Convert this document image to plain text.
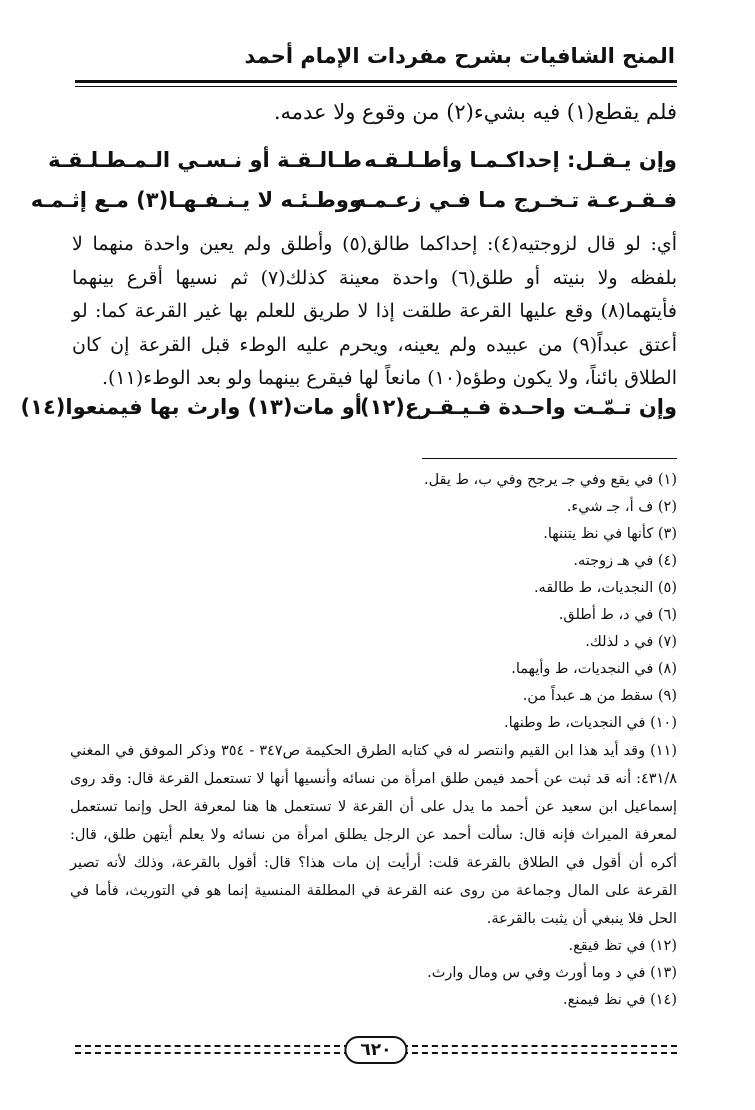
المنح الشافيات بشرح مفردات الإمام أحمد
فلم يقطع(١) فيه بشيء(٢) من وقوع ولا عدمه.
وإن يـقـل: إحداكـمـا وأطـلـقـه
طـالـقـة أو نـسـي الـمـطـلـقـة
فـقـرعـة تـخـرج مـا فـي زعـمـه
ووطـئـه لا يـنـفـهـا(٣) مـع إثـمـه
أي: لو قال لزوجتيه(٤): إحداكما طالق(٥) وأطلق ولم يعين واحدة منهما لا بلفظه ولا بنيته أو طلق(٦) واحدة معينة كذلك(٧) ثم نسيها أقرع بينهما فأيتهما(٨) وقع عليها القرعة طلقت إذا لا طريق للعلم بها غير القرعة كما: لو أعتق عبداً(٩) من عبيده ولم يعينه، ويحرم عليه الوطء قبل القرعة إن كان الطلاق بائناً، ولا يكون وطؤه(١٠) مانعاً لها فيقرع بينهما ولو بعد الوطء(١١).
وإن تـمّـت واحـدة فـيـقـرع(١٢)
أو مات(١٣) وارث بها فيمنعوا(١٤)
(١) في يقع وفي جـ يرجح وفي ب، ط يقل.
(٢) ف أ، جـ شيء.
(٣) كأنها في نظ يتننها.
(٤) في هـ زوجته.
(٥) النجديات، ط طالقه.
(٦) في د، ط أطلق.
(٧) في د لذلك.
(٨) في النجديات، ط وأيهما.
(٩) سقط من هـ عبداً من.
(١٠) في النجديات، ط وطنها.
(١١) وقد أيد هذا ابن القيم وانتصر له في كتابه الطرق الحكيمة ص٣٤٧ - ٣٥٤ وذكر الموفق في المغني ٤٣١/٨: أنه قد ثبت عن أحمد فيمن طلق امرأة من نسائه وأنسيها أنها لا تستعمل القرعة قال: وقد روى إسماعيل ابن سعيد عن أحمد ما يدل على أن القرعة لا تستعمل ها هنا لمعرفة الحل وإنما تستعمل لمعرفة الميراث فإنه قال: سألت أحمد عن الرجل يطلق امرأة من نسائه ولا يعلم أيتهن طلق، قال: أكره أن أقول في الطلاق بالقرعة قلت: أرأيت إن مات هذا؟ قال: أقول بالقرعة، وذلك لأنه تصير القرعة على المال وجماعة من روى عنه القرعة في المطلقة المنسية إنما هو في التوريث، فأما في الحل فلا ينبغي أن يثبت بالقرعة.
(١٢) في تظ فيقع.
(١٣) في د وما أورث وفي س ومال وارث.
(١٤) في نظ فيمنع.
٦٢٠
